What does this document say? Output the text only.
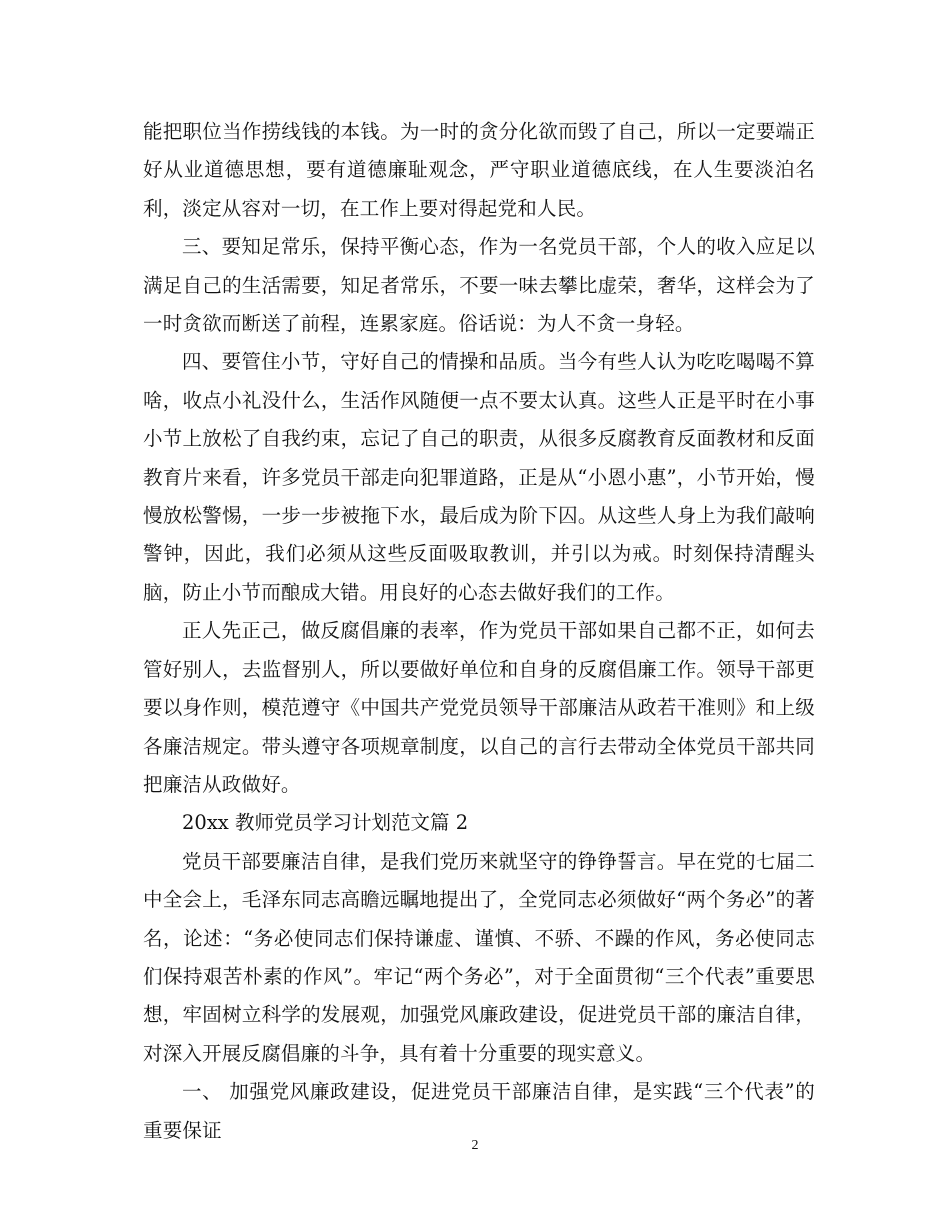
能把职位当作捞线钱的本钱。为一时的贪分化欲而毁了自己，所以一定要端正好从业道德思想，要有道德廉耻观念，严守职业道德底线，在人生要淡泊名利，淡定从容对一切，在工作上要对得起党和人民。

三、要知足常乐，保持平衡心态，作为一名党员干部，个人的收入应足以满足自己的生活需要，知足者常乐，不要一味去攀比虚荣，奢华，这样会为了一时贪欲而断送了前程，连累家庭。俗话说：为人不贪一身轻。

四、要管住小节，守好自己的情操和品质。当今有些人认为吃吃喝喝不算啥，收点小礼没什么，生活作风随便一点不要太认真。这些人正是平时在小事小节上放松了自我约束，忘记了自己的职责，从很多反腐教育反面教材和反面教育片来看，许多党员干部走向犯罪道路，正是从“小恩小惠”，小节开始，慢慢放松警惕，一步一步被拖下水，最后成为阶下囚。从这些人身上为我们敲响警钟，因此，我们必须从这些反面吸取教训，并引以为戒。时刻保持清醒头脑，防止小节而酿成大错。用良好的心态去做好我们的工作。

正人先正己，做反腐倡廉的表率，作为党员干部如果自己都不正，如何去管好别人，去监督别人，所以要做好单位和自身的反腐倡廉工作。领导干部更要以身作则，模范遵守《中国共产党党员领导干部廉洁从政若干准则》和上级各廉洁规定。带头遵守各项规章制度，以自己的言行去带动全体党员干部共同把廉洁从政做好。

20xx 教师党员学习计划范文篇 2

党员干部要廉洁自律，是我们党历来就坚守的铮铮誓言。早在党的七届二中全会上，毛泽东同志高瞻远瞩地提出了，全党同志必须做好“两个务必”的著名，论述：“务必使同志们保持谦虚、谨慎、不骄、不躁的作风，务必使同志们保持艰苦朴素的作风”。牢记“两个务必”，对于全面贯彻“三个代表”重要思想，牢固树立科学的发展观，加强党风廉政建设，促进党员干部的廉洁自律，对深入开展反腐倡廉的斗争，具有着十分重要的现实意义。

一、 加强党风廉政建设，促进党员干部廉洁自律，是实践“三个代表”的重要保证

2
